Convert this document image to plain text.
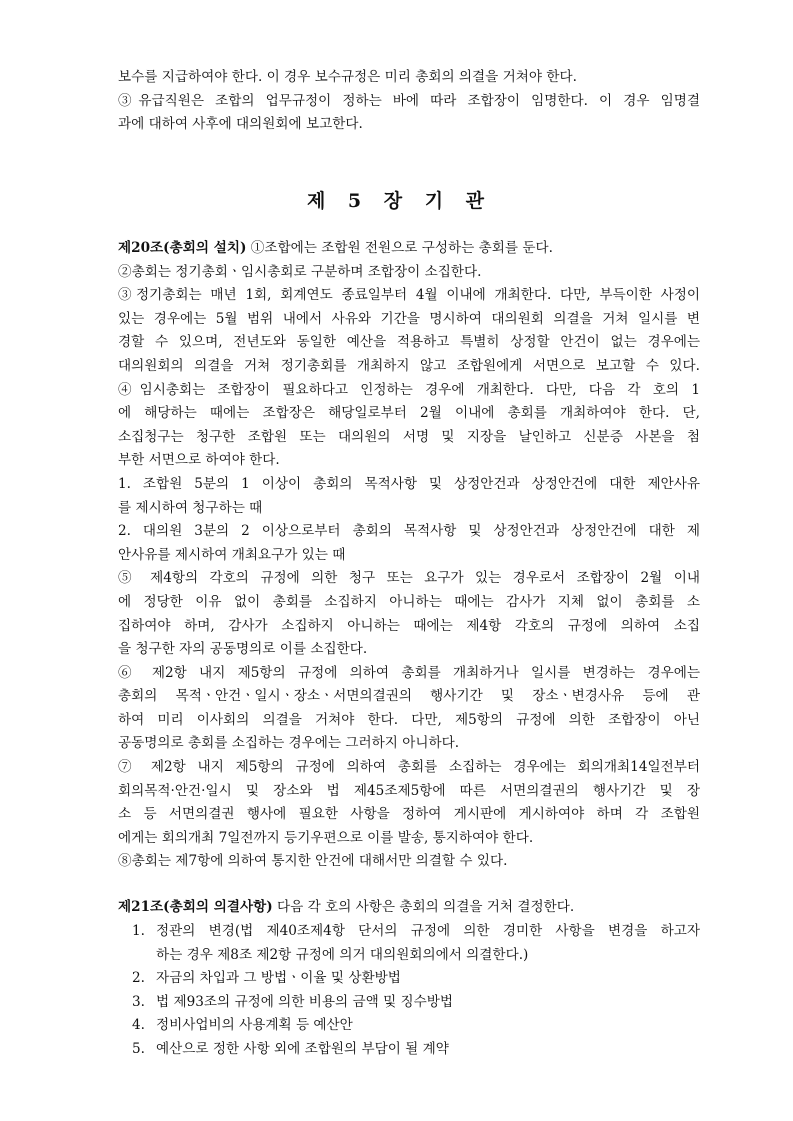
보수를 지급하여야 한다. 이 경우 보수규정은 미리 총회의 의결을 거쳐야 한다.
③유급직원은 조합의 업무규정이 정하는 바에 따라 조합장이 임명한다. 이 경우 임명결
과에 대하여 사후에 대의원회에 보고한다.
제 5 장 기 관
제20조(총회의 설치) ①조합에는 조합원 전원으로 구성하는 총회를 둔다.
②총회는 정기총회ㆍ임시총회로 구분하며 조합장이 소집한다.
③정기총회는 매년 1회, 회계연도 종료일부터 4월 이내에 개최한다. 다만, 부득이한 사정이
있는 경우에는 5월 범위 내에서 사유와 기간을 명시하여 대의원회 의결을 거쳐 일시를 변
경할 수 있으며, 전년도와 동일한 예산을 적용하고 특별히 상정할 안건이 없는 경우에는
대의원회의 의결을 거쳐 정기총회를 개최하지 않고 조합원에게 서면으로 보고할 수 있다.
④임시총회는 조합장이 필요하다고 인정하는 경우에 개최한다. 다만, 다음 각 호의 1
에 해당하는 때에는 조합장은 해당일로부터 2월 이내에 총회를 개최하여야 한다. 단,
소집청구는 청구한 조합원 또는 대의원의 서명 및 지장을 날인하고 신분증 사본을 첨
부한 서면으로 하여야 한다.
1. 조합원 5분의 1 이상이 총회의 목적사항 및 상정안건과 상정안건에 대한 제안사유
를 제시하여 청구하는 때
2. 대의원 3분의 2 이상으로부터 총회의 목적사항 및 상정안건과 상정안건에 대한 제
안사유를 제시하여 개최요구가 있는 때
⑤ 제4항의 각호의 규정에 의한 청구 또는 요구가 있는 경우로서 조합장이 2월 이내
에 정당한 이유 없이 총회를 소집하지 아니하는 때에는 감사가 지체 없이 총회를 소
집하여야 하며, 감사가 소집하지 아니하는 때에는 제4항 각호의 규정에 의하여 소집
을 청구한 자의 공동명의로 이를 소집한다.
⑥ 제2항 내지 제5항의 규정에 의하여 총회를 개최하거나 일시를 변경하는 경우에는
총회의 목적ㆍ안건ㆍ일시ㆍ장소ㆍ서면의결권의 행사기간 및 장소ㆍ변경사유 등에 관
하여 미리 이사회의 의결을 거쳐야 한다. 다만, 제5항의 규정에 의한 조합장이 아닌
공동명의로 총회를 소집하는 경우에는 그러하지 아니하다.
⑦ 제2항 내지 제5항의 규정에 의하여 총회를 소집하는 경우에는 회의개최14일전부터
회의목적·안건·일시 및 장소와 법 제45조제5항에 따른 서면의결권의 행사기간 및 장
소 등 서면의결권 행사에 필요한 사항을 정하여 게시판에 게시하여야 하며 각 조합원
에게는 회의개최 7일전까지 등기우편으로 이를 발송, 통지하여야 한다.
⑧총회는 제7항에 의하여 통지한 안건에 대해서만 의결할 수 있다.
제21조(총회의 의결사항) 다음 각 호의 사항은 총회의 의결을 거처 결정한다.
1. 정관의 변경(법 제40조제4항 단서의 규정에 의한 경미한 사항을 변경을 하고자
하는 경우 제8조 제2항 규정에 의거 대의원회의에서 의결한다.)
2. 자금의 차입과 그 방법ㆍ이율 및 상환방법
3. 법 제93조의 규정에 의한 비용의 금액 및 징수방법
4. 정비사업비의 사용계획 등 예산안
5. 예산으로 정한 사항 외에 조합원의 부담이 될 계약
